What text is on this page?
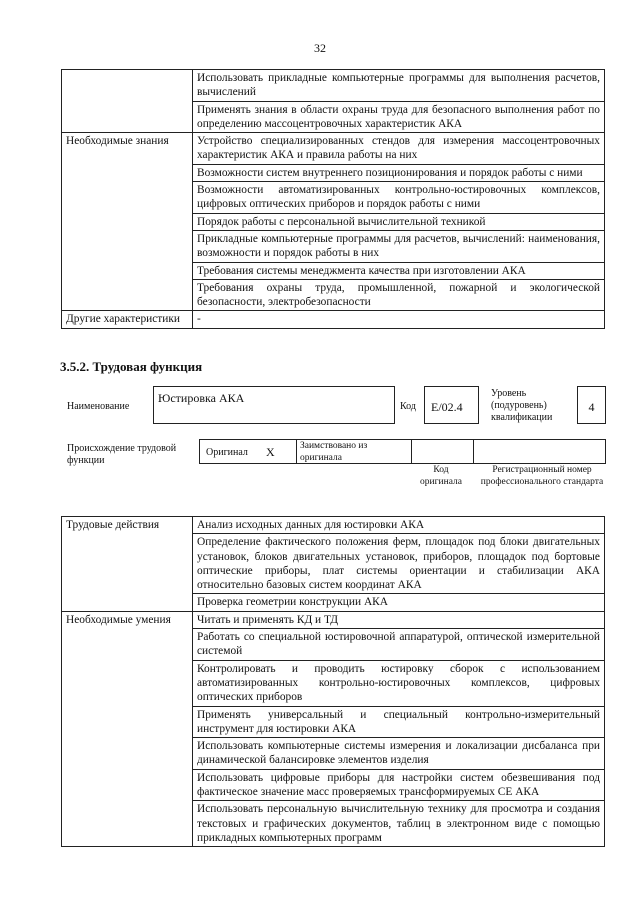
32
	Использовать прикладные компьютерные программы для выполнения расчетов, вычислений
	Применять знания в области охраны труда для безопасного выполнения работ по определению массоцентровочных характеристик АКА
Необходимые знания	Устройство специализированных стендов для измерения массоцентровочных характеристик АКА и правила работы на них
	Возможности систем внутреннего позиционирования и порядок работы с ними
	Возможности автоматизированных контрольно-юстировочных комплексов, цифровых оптических приборов и порядок работы с ними
	Порядок работы с персональной вычислительной техникой
	Прикладные компьютерные программы для расчетов, вычислений: наименования, возможности и порядок работы в них
	Требования системы менеджмента качества при изготовлении АКА
	Требования охраны труда, промышленной, пожарной и экологической безопасности, электробезопасности
Другие характеристики	-
3.5.2. Трудовая функция
Наименование
Юстировка АКА
Код	E/02.4
Уровень (подуровень) квалификации
4
Происхождение трудовой функции
Оригинал X	Заимствовано из оригинала
Код оригинала
Регистрационный номер профессионального стандарта
Трудовые действия	Анализ исходных данных для юстировки АКА
	Определение фактического положения ферм, площадок под блоки двигательных установок, блоков двигательных установок, приборов, площадок под бортовые оптические приборы, плат системы ориентации и стабилизации АКА относительно базовых систем координат АКА
	Проверка геометрии конструкции АКА
Необходимые умения	Читать и применять КД и ТД
	Работать со специальной юстировочной аппаратурой, оптической измерительной системой
	Контролировать и проводить юстировку сборок с использованием автоматизированных контрольно-юстировочных комплексов, цифровых оптических приборов
	Применять универсальный и специальный контрольно-измерительный инструмент для юстировки АКА
	Использовать компьютерные системы измерения и локализации дисбаланса при динамической балансировке элементов изделия
	Использовать цифровые приборы для настройки систем обезвешивания под фактическое значение масс проверяемых трансформируемых СЕ АКА
	Использовать персональную вычислительную технику для просмотра и создания текстовых и графических документов, таблиц в электронном виде с помощью прикладных компьютерных программ
